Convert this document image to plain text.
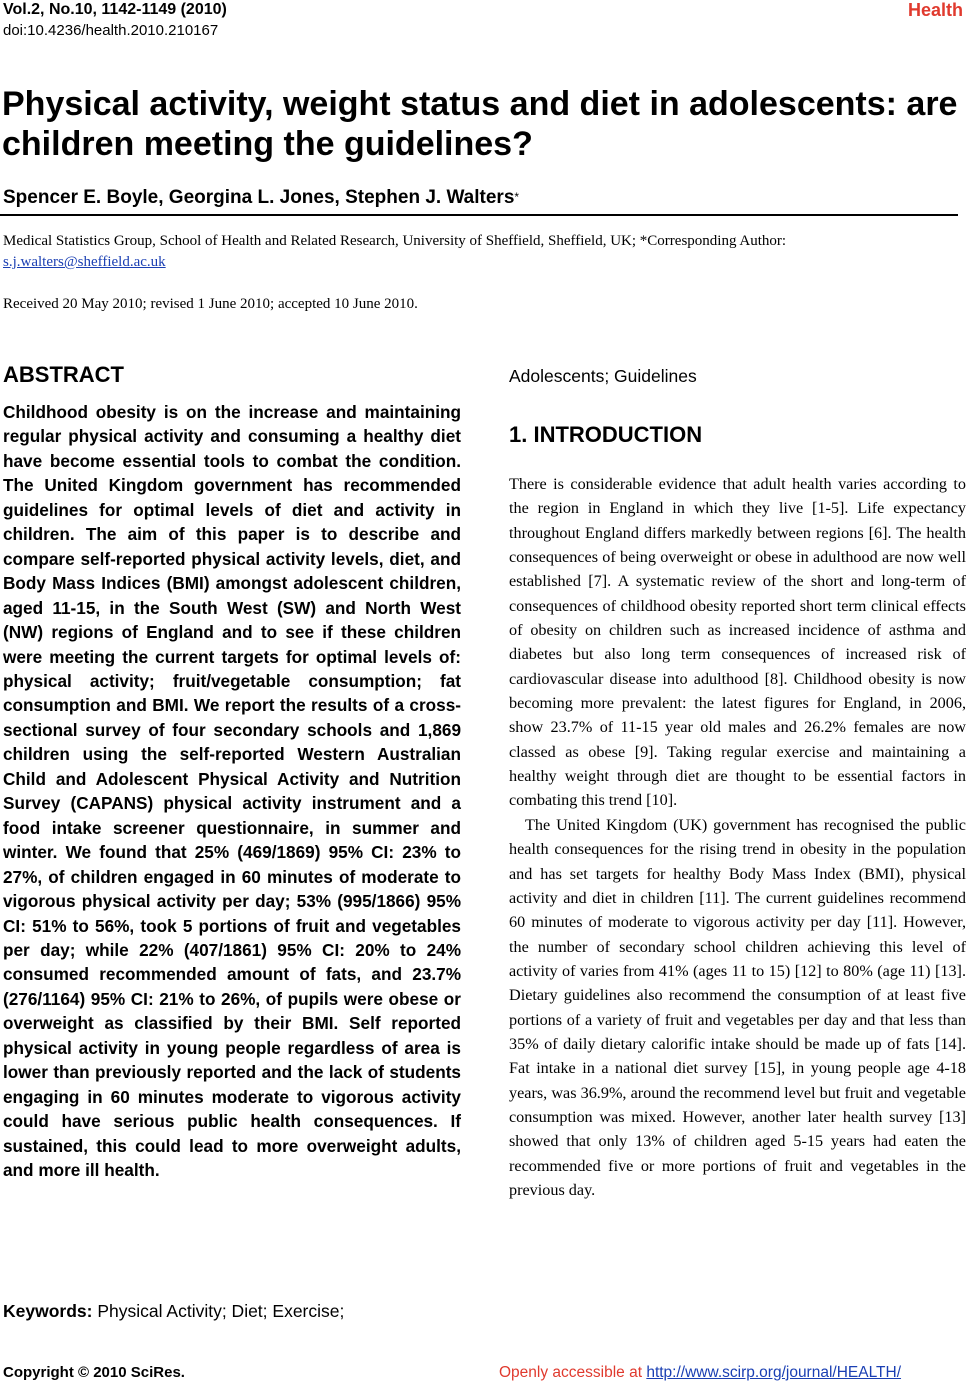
Vol.2, No.10, 1142-1149 (2010)
doi:10.4236/health.2010.210167
Health
Physical activity, weight status and diet in adolescents: are children meeting the guidelines?
Spencer E. Boyle, Georgina L. Jones, Stephen J. Walters*
Medical Statistics Group, School of Health and Related Research, University of Sheffield, Sheffield, UK; *Corresponding Author:
s.j.walters@sheffield.ac.uk
Received 20 May 2010; revised 1 June 2010; accepted 10 June 2010.
ABSTRACT
Childhood obesity is on the increase and maintaining regular physical activity and consuming a healthy diet have become essential tools to combat the condition. The United Kingdom government has recommended guidelines for optimal levels of diet and activity in children. The aim of this paper is to describe and compare self-reported physical activity levels, diet, and Body Mass Indices (BMI) amongst adolescent children, aged 11-15, in the South West (SW) and North West (NW) regions of England and to see if these children were meeting the current targets for optimal levels of: physical activity; fruit/vegetable consumption; fat consumption and BMI. We report the results of a cross-sectional survey of four secondary schools and 1,869 children using the self-reported Western Australian Child and Adolescent Physical Activity and Nutrition Survey (CAPANS) physical activity instrument and a food intake screener questionnaire, in summer and winter. We found that 25% (469/1869) 95% CI: 23% to 27%, of children engaged in 60 minutes of moderate to vigorous physical activity per day; 53% (995/1866) 95% CI: 51% to 56%, took 5 portions of fruit and vegetables per day; while 22% (407/1861) 95% CI: 20% to 24% consumed recommended amount of fats, and 23.7% (276/1164) 95% CI: 21% to 26%, of pupils were obese or overweight as classified by their BMI. Self reported physical activity in young people regardless of area is lower than previously reported and the lack of students engaging in 60 minutes moderate to vigorous activity could have serious public health consequences. If sustained, this could lead to more overweight adults, and more ill health.
Keywords: Physical Activity; Diet; Exercise;
Adolescents; Guidelines
1. INTRODUCTION

There is considerable evidence that adult health varies according to the region in England in which they live [1-5]. Life expectancy throughout England differs markedly between regions [6]. The health consequences of being overweight or obese in adulthood are now well established [7]. A systematic review of the short and long-term of consequences of childhood obesity reported short term clinical effects of obesity on children such as increased incidence of asthma and diabetes but also long term consequences of increased risk of cardiovascular disease into adulthood [8]. Childhood obesity is now becoming more prevalent: the latest figures for England, in 2006, show 23.7% of 11-15 year old males and 26.2% females are now classed as obese [9]. Taking regular exercise and maintaining a healthy weight through diet are thought to be essential factors in combating this trend [10].

The United Kingdom (UK) government has recognised the public health consequences for the rising trend in obesity in the population and has set targets for healthy Body Mass Index (BMI), physical activity and diet in children [11]. The current guidelines recommend 60 minutes of moderate to vigorous activity per day [11]. However, the number of secondary school children achieving this level of activity of varies from 41% (ages 11 to 15) [12] to 80% (age 11) [13]. Dietary guidelines also recommend the consumption of at least five portions of a variety of fruit and vegetables per day and that less than 35% of daily dietary calorific intake should be made up of fats [14]. Fat intake in a national diet survey [15], in young people age 4-18 years, was 36.9%, around the recommend level but fruit and vegetable consumption was mixed. However, another later health survey [13] showed that only 13% of children aged 5-15 years had eaten the recommended five or more portions of fruit and vegetables in the previous day.

Copyright © 2010 SciRes.	Openly accessible at http://www.scirp.org/journal/HEALTH/
